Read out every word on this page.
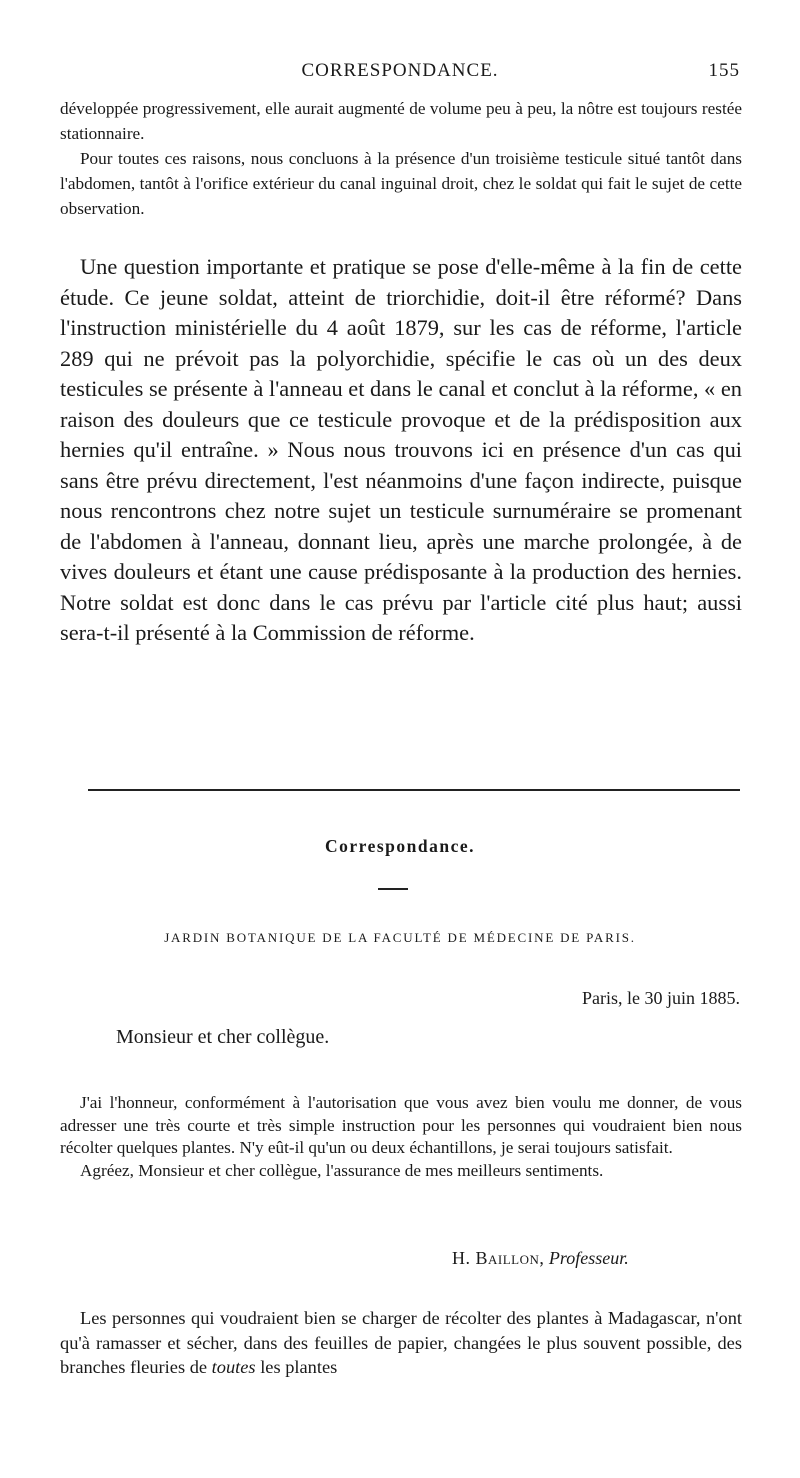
CORRESPONDANCE.	155

développée progressivement, elle aurait augmenté de volume peu à peu, la nôtre est toujours restée stationnaire.

Pour toutes ces raisons, nous concluons à la présence d'un troisième testicule situé tantôt dans l'abdomen, tantôt à l'orifice extérieur du canal inguinal droit, chez le soldat qui fait le sujet de cette observation.

Une question importante et pratique se pose d'elle-même à la fin de cette étude. Ce jeune soldat, atteint de triorchidie, doit-il être réformé? Dans l'instruction ministérielle du 4 août 1879, sur les cas de réforme, l'article 289 qui ne prévoit pas la polyorchidie, spécifie le cas où un des deux testicules se présente à l'anneau et dans le canal et conclut à la réforme, « en raison des douleurs que ce testicule provoque et de la prédisposition aux hernies qu'il entraîne. » Nous nous trouvons ici en présence d'un cas qui sans être prévu directement, l'est néanmoins d'une façon indirecte, puisque nous rencontrons chez notre sujet un testicule surnuméraire se promenant de l'abdomen à l'anneau, donnant lieu, après une marche prolongée, à de vives douleurs et étant une cause prédisposante à la production des hernies. Notre soldat est donc dans le cas prévu par l'article cité plus haut; aussi sera-t-il présenté à la Commission de réforme.

Correspondance.
JARDIN BOTANIQUE DE LA FACULTÉ DE MÉDECINE DE PARIS.
Paris, le 30 juin 1885.
Monsieur et cher collègue.

J'ai l'honneur, conformément à l'autorisation que vous avez bien voulu me donner, de vous adresser une très courte et très simple instruction pour les personnes qui voudraient bien nous récolter quelques plantes. N'y eût-il qu'un ou deux échantillons, je serai toujours satisfait.

Agréez, Monsieur et cher collègue, l'assurance de mes meilleurs sentiments.

H. Baillon, Professeur.

Les personnes qui voudraient bien se charger de récolter des plantes à Madagascar, n'ont qu'à ramasser et sécher, dans des feuilles de papier, changées le plus souvent possible, des branches fleuries de toutes les plantes
